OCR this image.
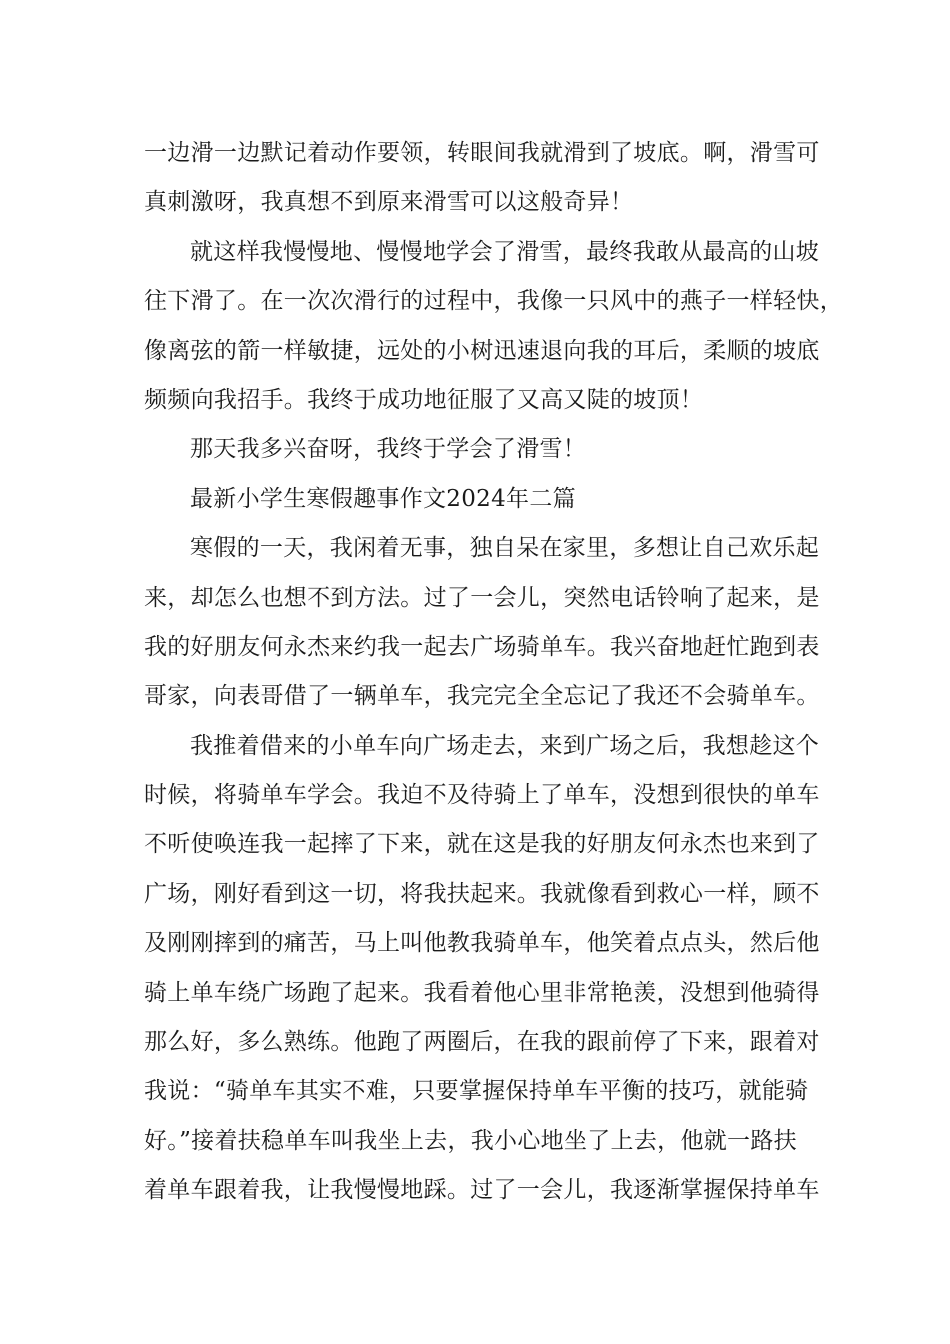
一边滑一边默记着动作要领，转眼间我就滑到了坡底。啊，滑雪可
真刺激呀，我真想不到原来滑雪可以这般奇异！
就这样我慢慢地、慢慢地学会了滑雪，最终我敢从最高的山坡
往下滑了。在一次次滑行的过程中，我像一只风中的燕子一样轻快，
像离弦的箭一样敏捷，远处的小树迅速退向我的耳后，柔顺的坡底
频频向我招手。我终于成功地征服了又高又陡的坡顶！
那天我多兴奋呀，我终于学会了滑雪！
最新小学生寒假趣事作文2024年二篇
寒假的一天，我闲着无事，独自呆在家里，多想让自己欢乐起
来，却怎么也想不到方法。过了一会儿，突然电话铃响了起来，是
我的好朋友何永杰来约我一起去广场骑单车。我兴奋地赶忙跑到表
哥家，向表哥借了一辆单车，我完完全全忘记了我还不会骑单车。
我推着借来的小单车向广场走去，来到广场之后，我想趁这个
时候，将骑单车学会。我迫不及待骑上了单车，没想到很快的单车
不听使唤连我一起摔了下来，就在这是我的好朋友何永杰也来到了
广场，刚好看到这一切，将我扶起来。我就像看到救心一样，顾不
及刚刚摔到的痛苦，马上叫他教我骑单车，他笑着点点头，然后他
骑上单车绕广场跑了起来。我看着他心里非常艳羡，没想到他骑得
那么好，多么熟练。他跑了两圈后，在我的跟前停了下来，跟着对
我说：“骑单车其实不难，只要掌握保持单车平衡的技巧，就能骑
好。”接着扶稳单车叫我坐上去，我小心地坐了上去，他就一路扶
着单车跟着我，让我慢慢地踩。过了一会儿，我逐渐掌握保持单车
